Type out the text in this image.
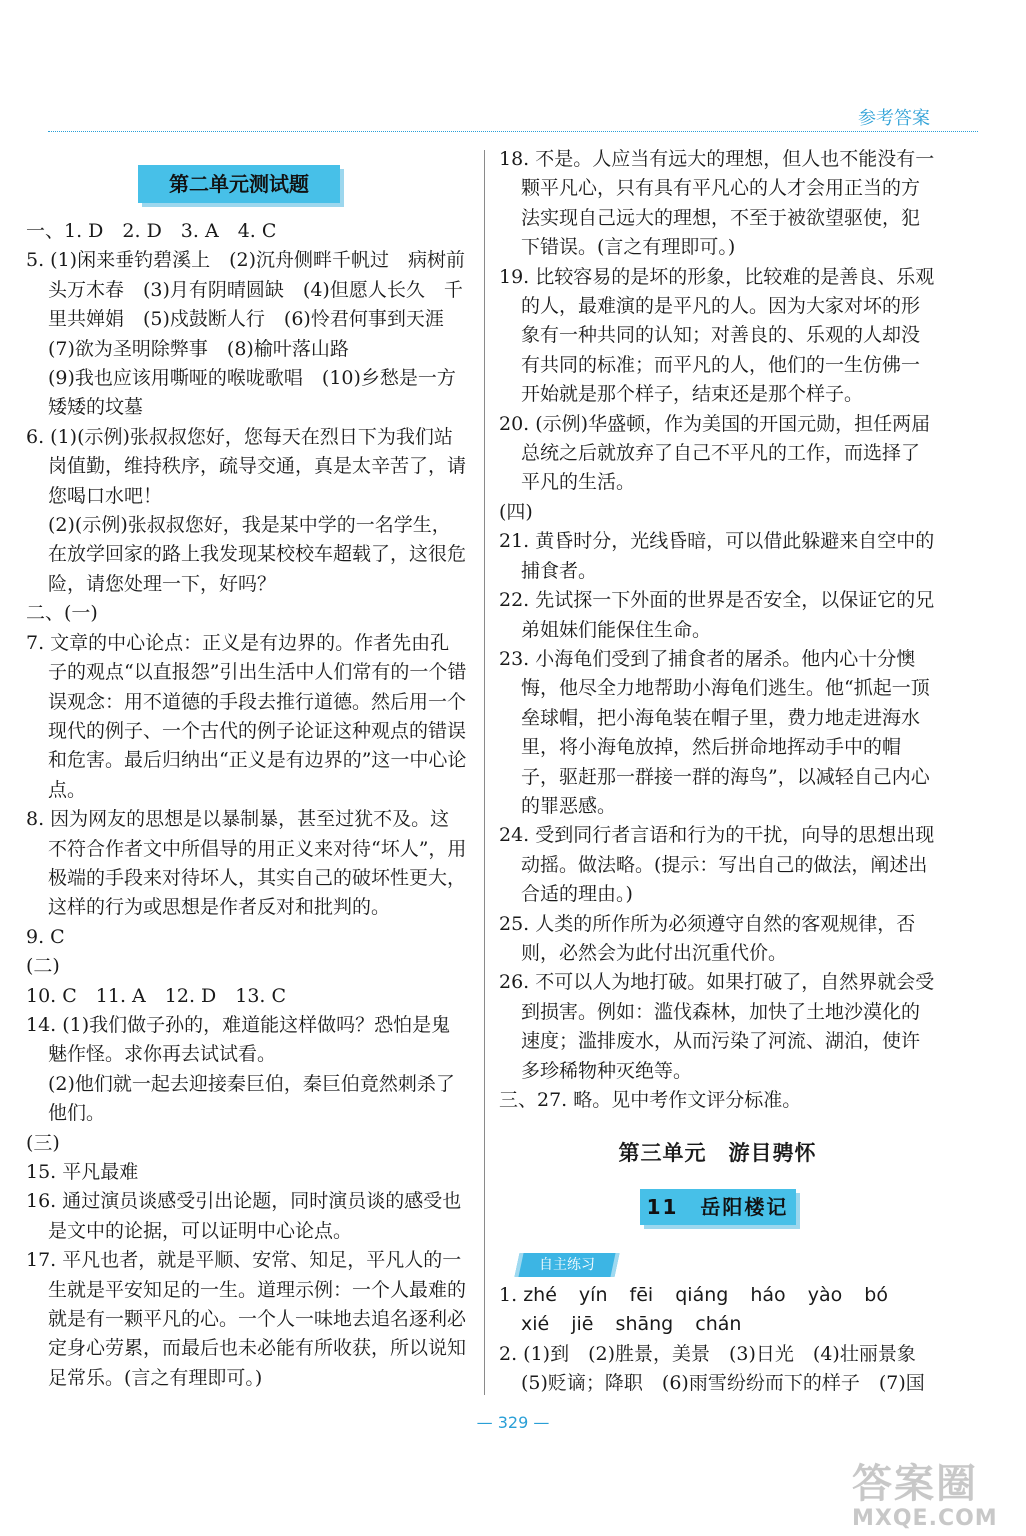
参考答案
第二单元测试题

一、1. D　2. D　3. A　4. C

5. (1)闲来垂钓碧溪上　(2)沉舟侧畔千帆过　病树前头万木春　(3)月有阴晴圆缺　(4)但愿人长久　千里共婵娟　(5)戍鼓断人行　(6)怜君何事到天涯　(7)欲为圣明除弊事　(8)榆叶落山路

(9)我也应该用嘶哑的喉咙歌唱　(10)乡愁是一方矮矮的坟墓

6. (1)(示例)张叔叔您好，您每天在烈日下为我们站岗值勤，维持秩序，疏导交通，真是太辛苦了，请您喝口水吧！

(2)(示例)张叔叔您好，我是某中学的一名学生，在放学回家的路上我发现某校校车超载了，这很危险，请您处理一下，好吗？

二、(一)

7. 文章的中心论点：正义是有边界的。作者先由孔子的观点“以直报怨”引出生活中人们常有的一个错误观念：用不道德的手段去推行道德。然后用一个现代的例子、一个古代的例子论证这种观点的错误和危害。最后归纳出“正义是有边界的”这一中心论点。

8. 因为网友的思想是以暴制暴，甚至过犹不及。这不符合作者文中所倡导的用正义来对待“坏人”，用极端的手段来对待坏人，其实自己的破坏性更大，这样的行为或思想是作者反对和批判的。

9. C

(二)

10. C　11. A　12. D　13. C

14. (1)我们做子孙的，难道能这样做吗？恐怕是鬼魅作怪。求你再去试试看。

(2)他们就一起去迎接秦巨伯，秦巨伯竟然刺杀了他们。

(三)

15. 平凡最难

16. 通过演员谈感受引出论题，同时演员谈的感受也是文中的论据，可以证明中心论点。

17. 平凡也者，就是平顺、安常、知足，平凡人的一生就是平安知足的一生。道理示例：一个人最难的就是有一颗平凡的心。一个人一味地去追名逐利必定身心劳累，而最后也未必能有所收获，所以说知足常乐。(言之有理即可。)

18. 不是。人应当有远大的理想，但人也不能没有一颗平凡心，只有具有平凡心的人才会用正当的方法实现自己远大的理想，不至于被欲望驱使，犯下错误。(言之有理即可。)

19. 比较容易的是坏的形象，比较难的是善良、乐观的人，最难演的是平凡的人。因为大家对坏的形象有一种共同的认知；对善良的、乐观的人却没有共同的标准；而平凡的人，他们的一生仿佛一开始就是那个样子，结束还是那个样子。

20. (示例)华盛顿，作为美国的开国元勋，担任两届总统之后就放弃了自己不平凡的工作，而选择了平凡的生活。

(四)

21. 黄昏时分，光线昏暗，可以借此躲避来自空中的捕食者。

22. 先试探一下外面的世界是否安全，以保证它的兄弟姐妹们能保住生命。

23. 小海龟们受到了捕食者的屠杀。他内心十分懊悔，他尽全力地帮助小海龟们逃生。他“抓起一顶垒球帽，把小海龟装在帽子里，费力地走进海水里，将小海龟放掉，然后拼命地挥动手中的帽子，驱赶那一群接一群的海鸟”，以减轻自己内心的罪恶感。

24. 受到同行者言语和行为的干扰，向导的思想出现动摇。做法略。(提示：写出自己的做法，阐述出合适的理由。)

25. 人类的所作所为必须遵守自然的客观规律，否则，必然会为此付出沉重代价。

26. 不可以人为地打破。如果打破了，自然界就会受到损害。例如：滥伐森林，加快了土地沙漠化的速度；滥排废水，从而污染了河流、湖泊，使许多珍稀物种灭绝等。

三、27. 略。见中考作文评分标准。

第三单元　游目骋怀

11　岳阳楼记
自主练习

1. zhé yín fēi qiáng háo yào bó xié jiē shāng chán

2. (1)到　(2)胜景，美景　(3)日光　(4)壮丽景象　(5)贬谪；降职　(6)雨雪纷纷而下的样子　(7)国

— 329 —
答案圈
MXQE.COM
